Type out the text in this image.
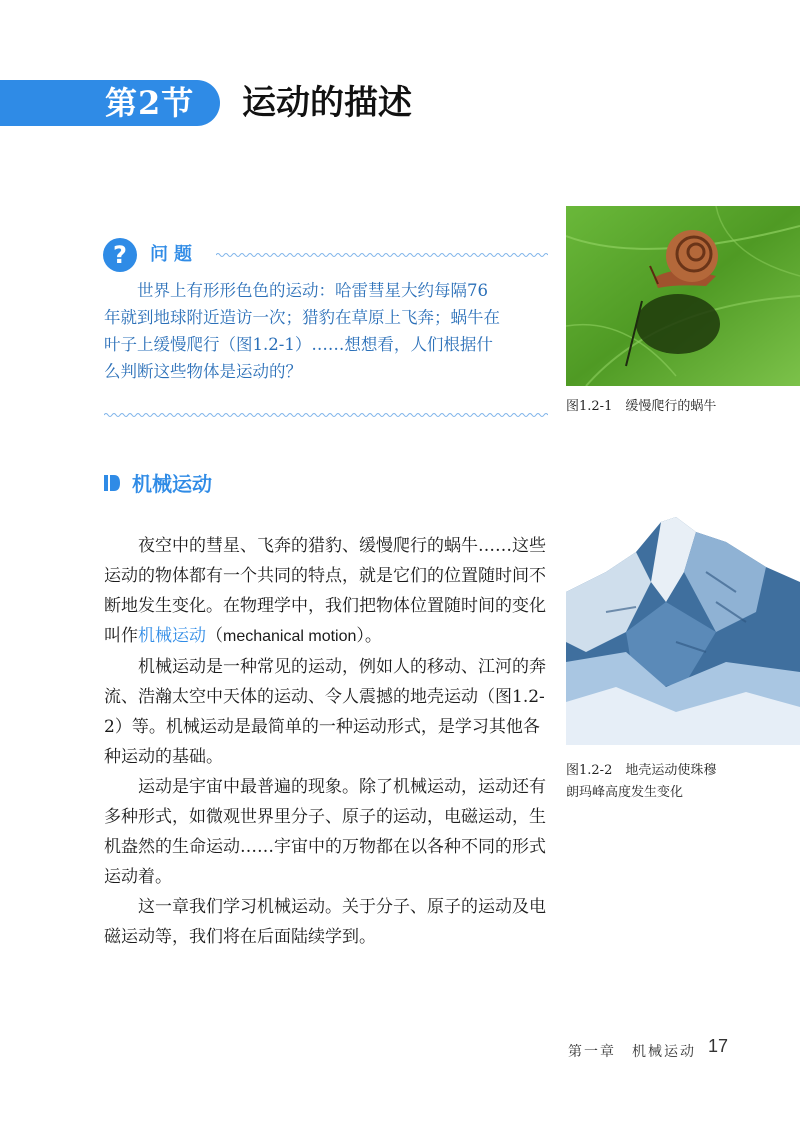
第2节 运动的描述
?	问题

世界上有形形色色的运动：哈雷彗星大约每隔76

年就到地球附近造访一次；猎豹在草原上飞奔；蜗牛在

叶子上缓慢爬行（图1.2-1）……想想看，人们根据什

么判断这些物体是运动的？

图1.2-1　缓慢爬行的蜗牛
机械运动

夜空中的彗星、飞奔的猎豹、缓慢爬行的蜗牛……这些运动的物体都有一个共同的特点，就是它们的位置随时间不断地发生变化。在物理学中，我们把物体位置随时间的变化叫作机械运动（mechanical motion）。

机械运动是一种常见的运动，例如人的移动、江河的奔流、浩瀚太空中天体的运动、令人震撼的地壳运动（图1.2-2）等。机械运动是最简单的一种运动形式，是学习其他各种运动的基础。

运动是宇宙中最普遍的现象。除了机械运动，运动还有多种形式，如微观世界里分子、原子的运动，电磁运动，生机盎然的生命运动……宇宙中的万物都在以各种不同的形式运动着。

这一章我们学习机械运动。关于分子、原子的运动及电磁运动等，我们将在后面陆续学到。

图1.2-2　地壳运动使珠穆
朗玛峰高度发生变化
第一章　机械运动 17
